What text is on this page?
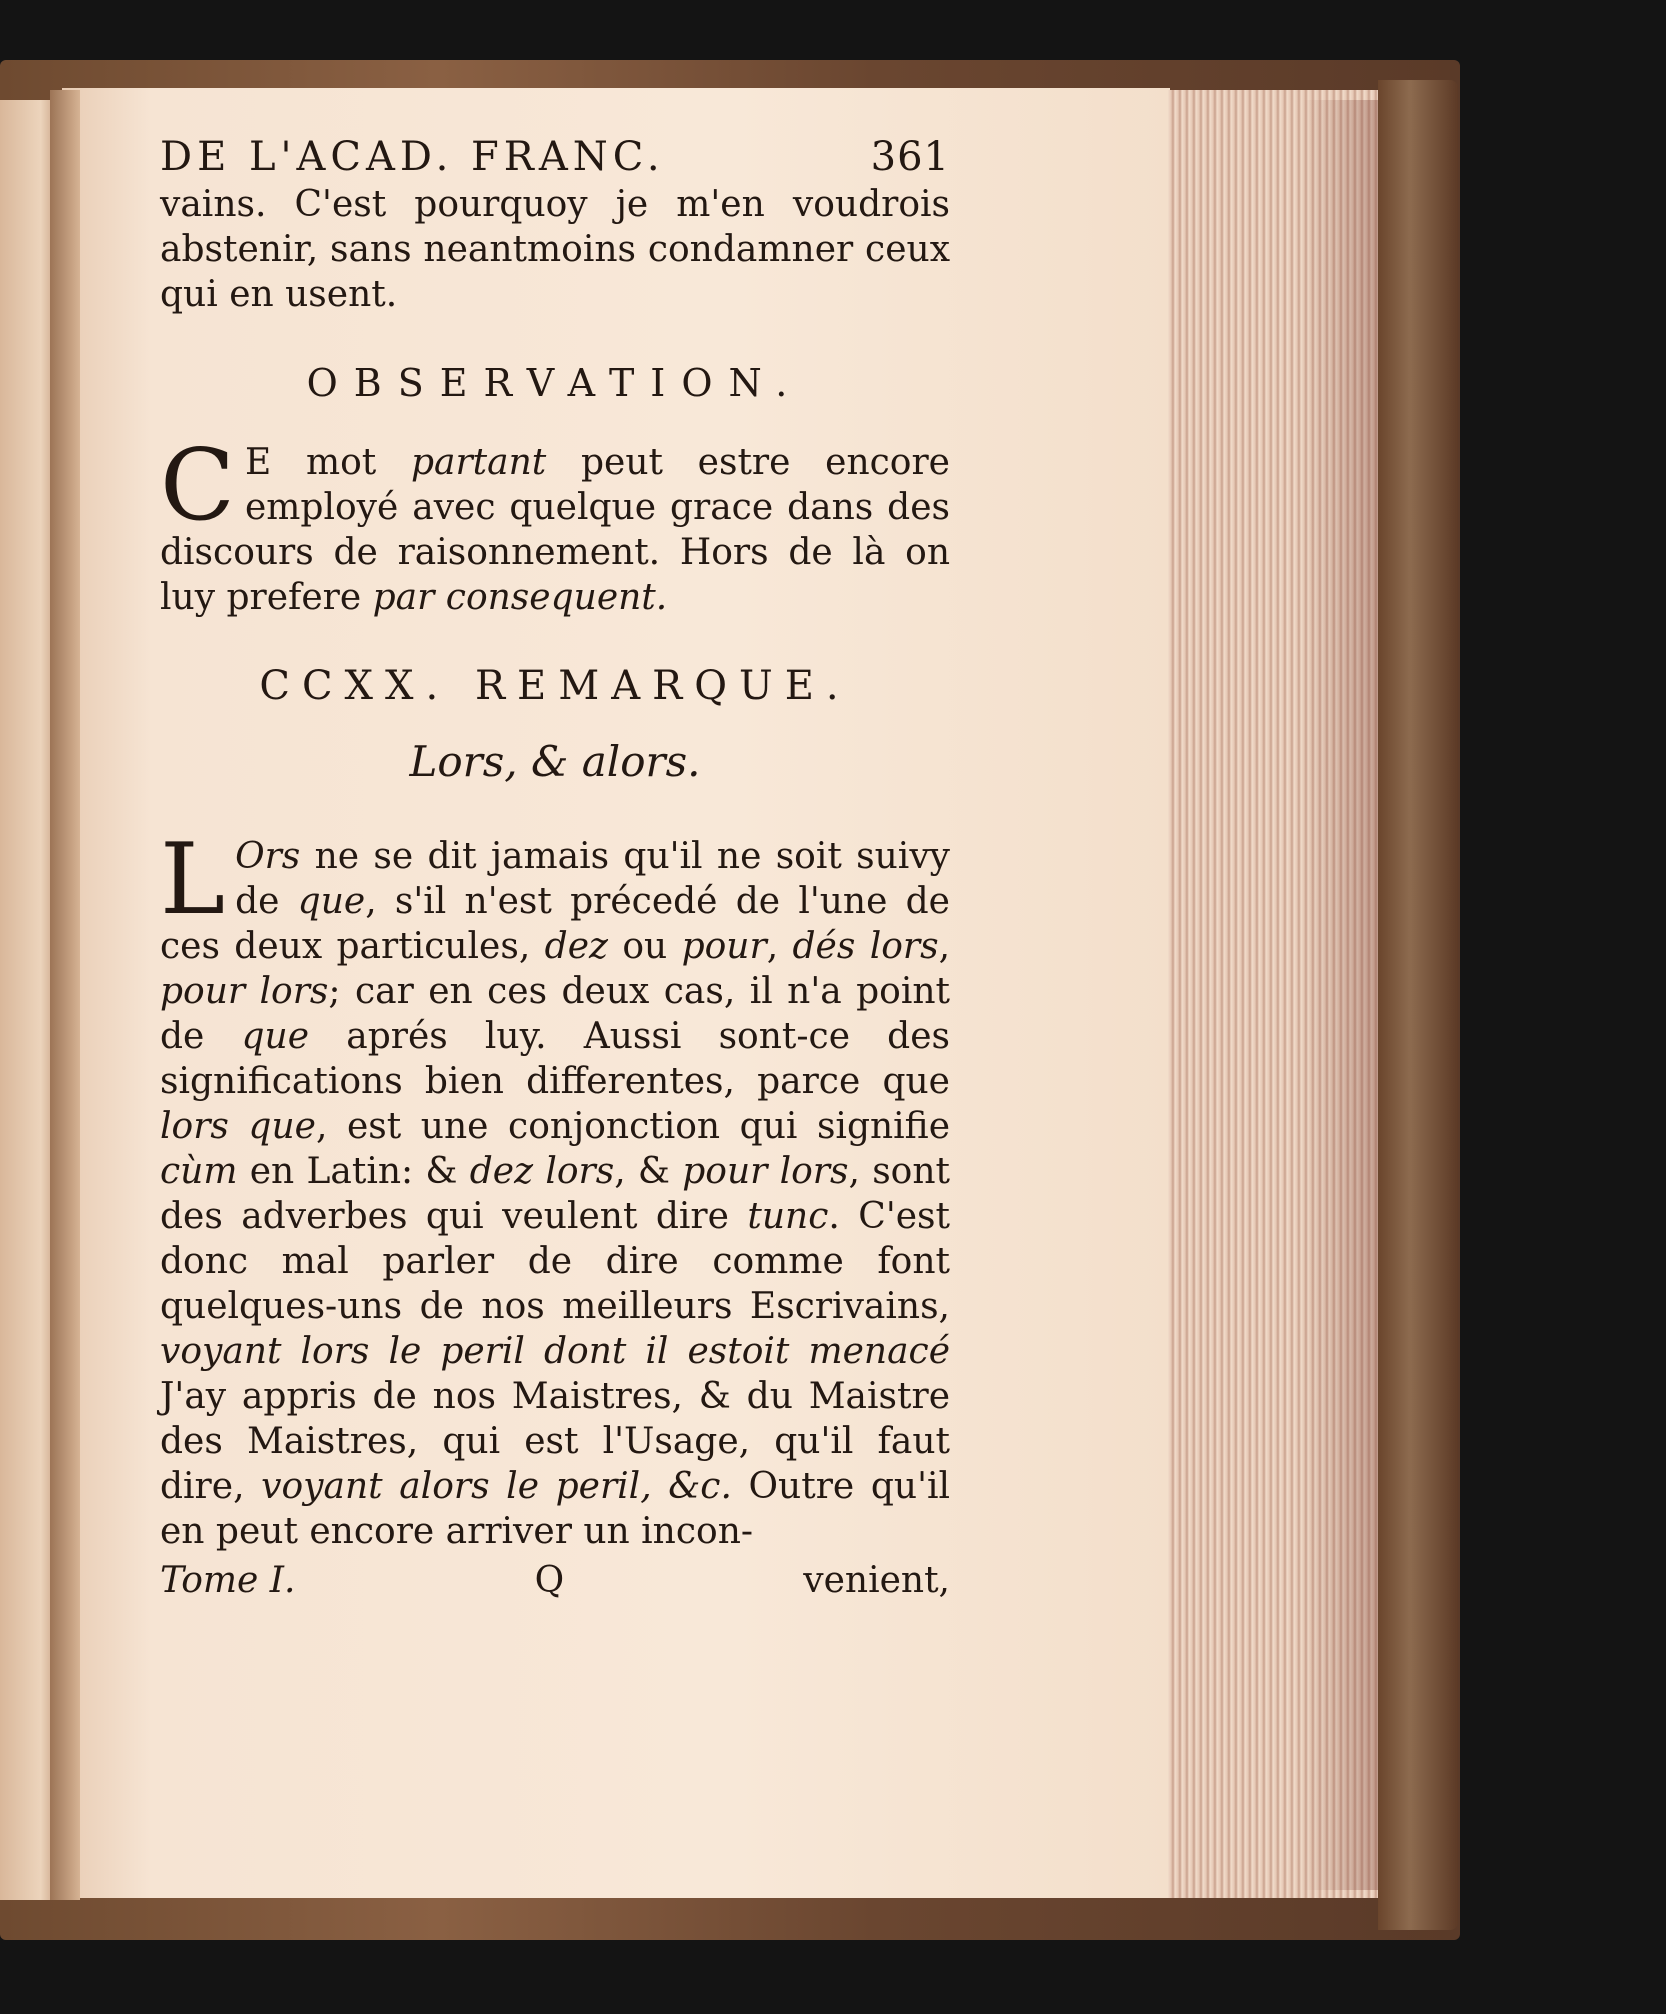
DE L'ACAD. FRANC.	361

vains. C'est pourquoy je m'en voudrois abstenir, sans neantmoins condamner ceux qui en usent.

OBSERVATION.

C E mot partant peut estre encore employé avec quelque grace dans des discours de raisonnement. Hors de là on luy prefere par consequent.

CCXX. REMARQUE.
Lors, & alors.

L Ors ne se dit jamais qu'il ne soit suivy de que, s'il n'est précedé de l'une de ces deux particules, dez ou pour, dés lors, pour lors; car en ces deux cas, il n'a point de que aprés luy. Aussi sont-ce des significations bien differentes, parce que lors que, est une conjonction qui signifie cùm en Latin: & dez lors, & pour lors, sont des adverbes qui veulent dire tunc. C'est donc mal parler de dire comme font quelques-uns de nos meilleurs Escrivains, voyant lors le peril dont il estoit menacé J'ay appris de nos Maistres, & du Maistre des Maistres, qui est l'Usage, qu'il faut dire, voyant alors le peril, &c. Outre qu'il en peut encore arriver un incon-

Tome I.	Q	venient,
